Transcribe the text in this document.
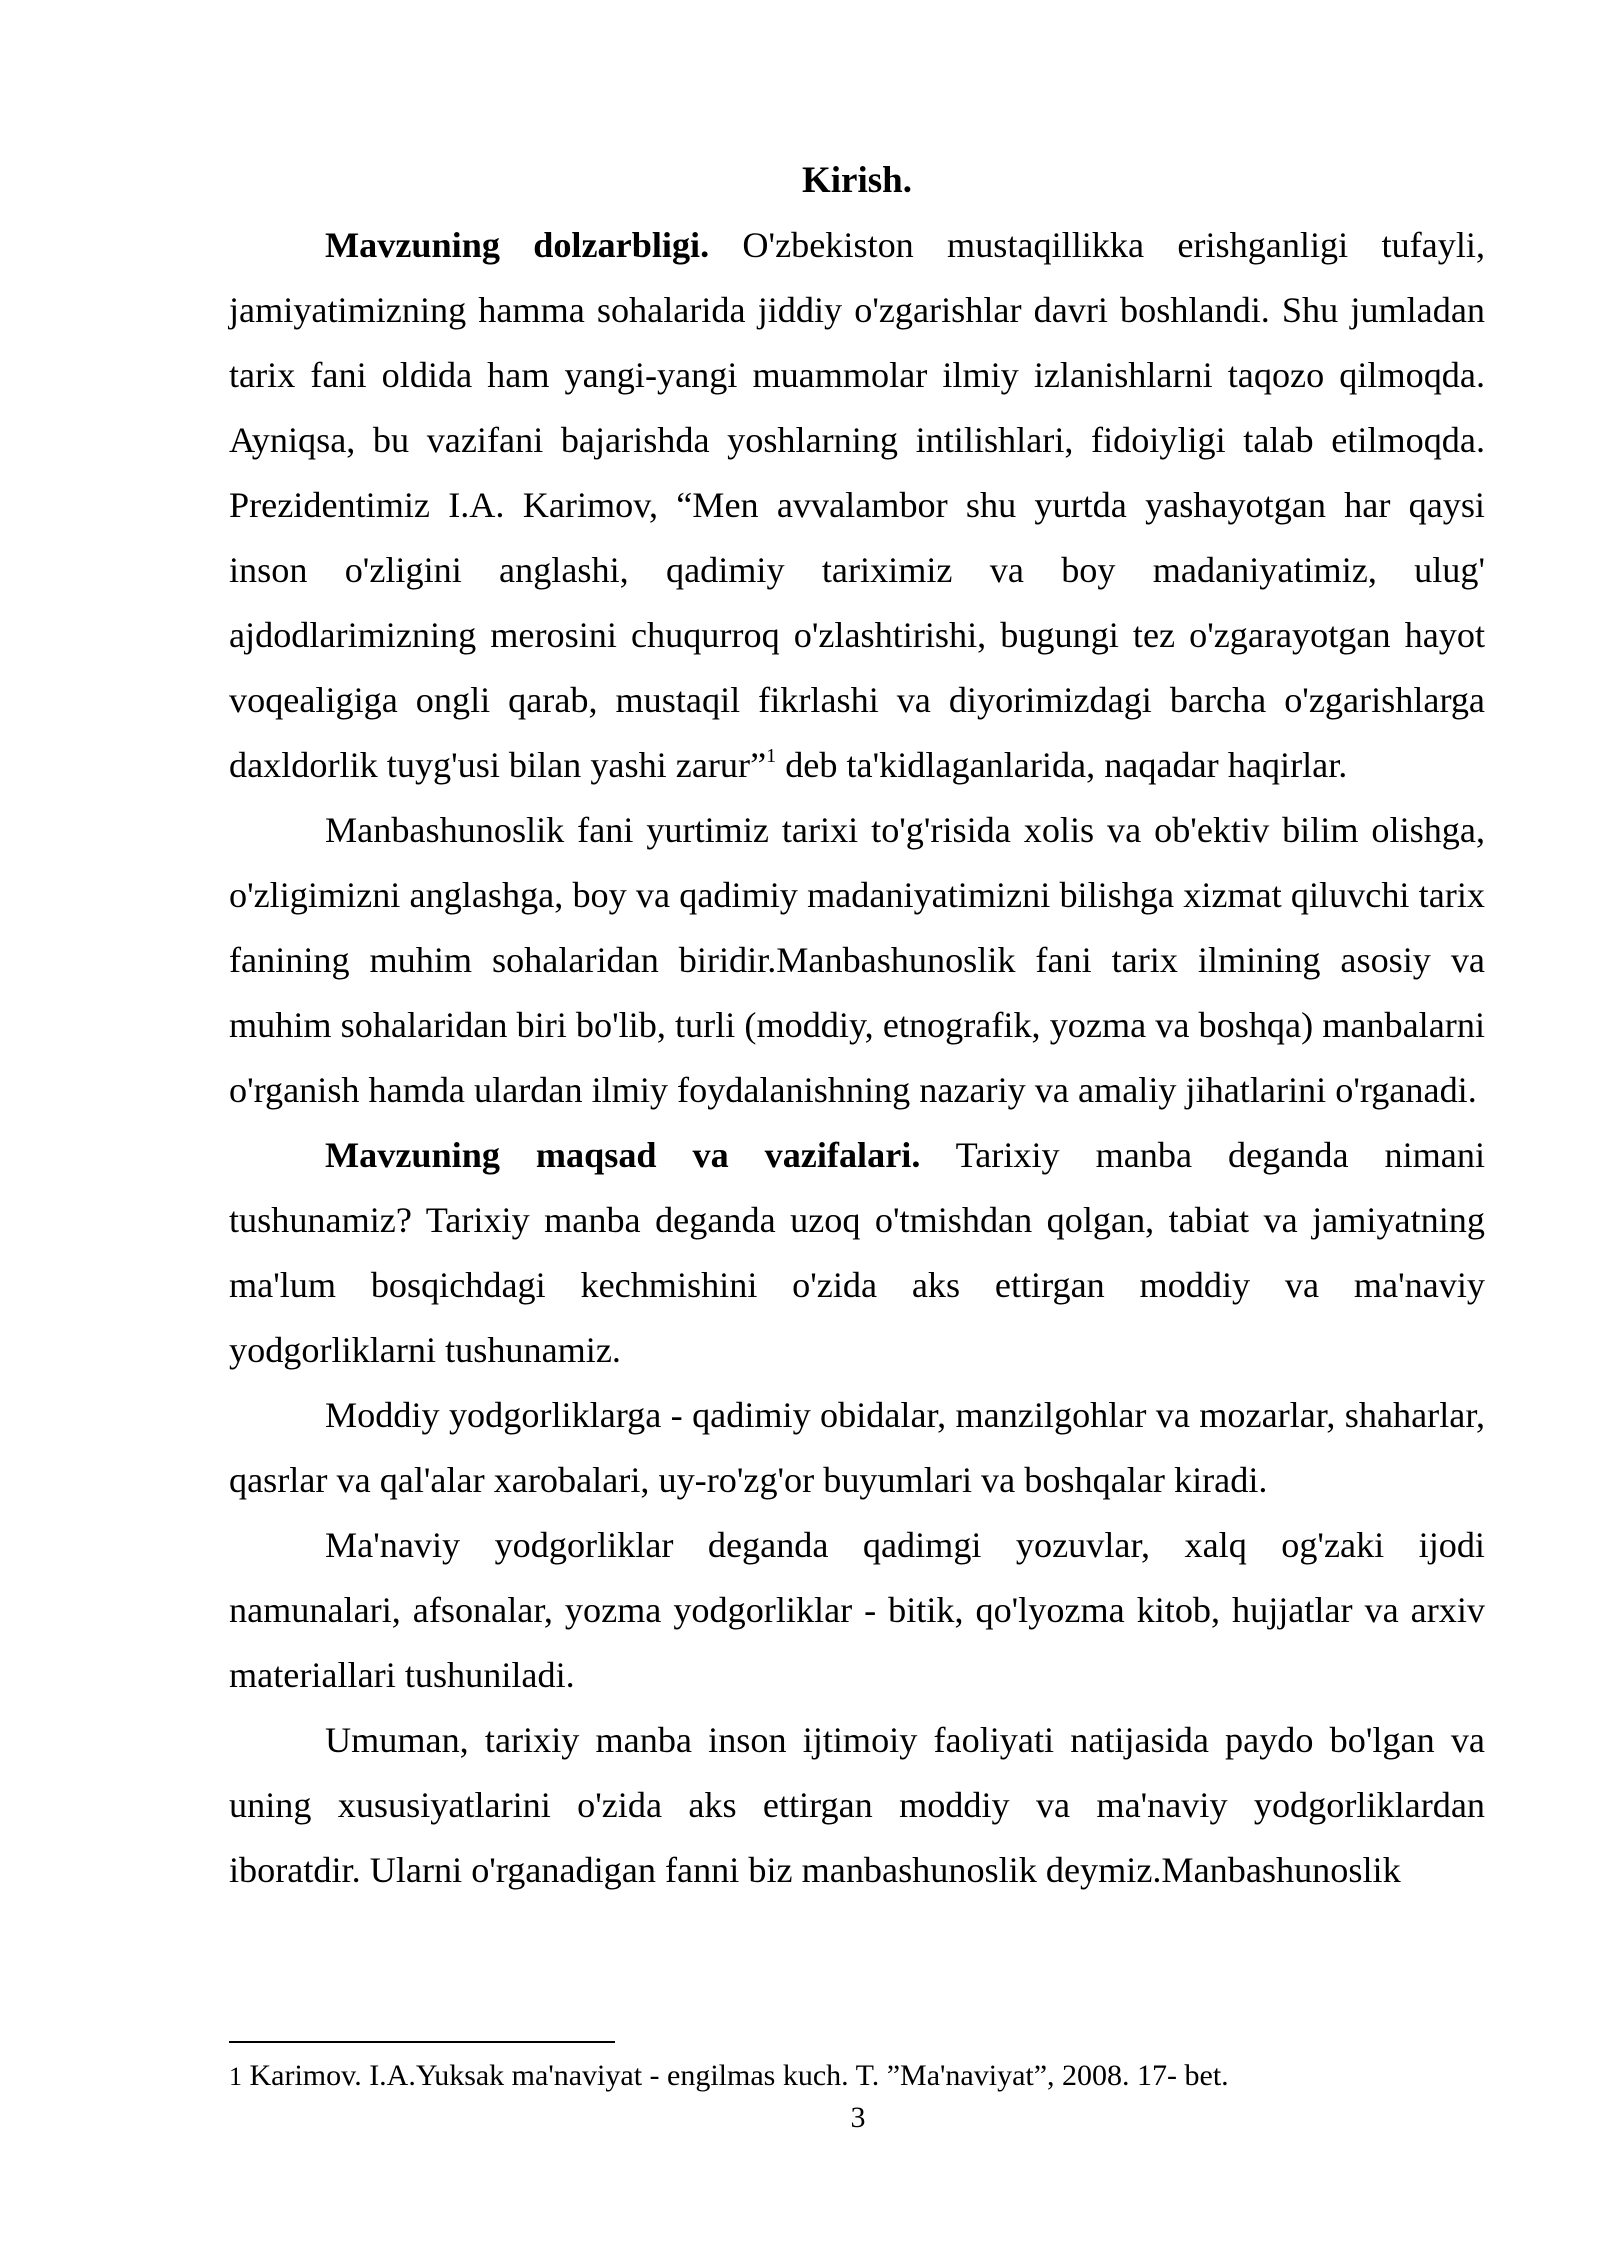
Kirish.

Mavzuning dolzarbligi. O'zbekiston mustaqillikka erishganligi tufayli, jamiyatimizning hamma sohalarida jiddiy o'zgarishlar davri boshlandi. Shu jumladan tarix fani oldida ham yangi-yangi muammolar ilmiy izlanishlarni taqozo qilmoqda. Ayniqsa, bu vazifani bajarishda yoshlarning intilishlari, fidoiyligi talab etilmoqda. Prezidentimiz I.A. Karimov, “Men avvalambor shu yurtda yashayotgan har qaysi inson o'zligini anglashi, qadimiy tariximiz va boy madaniyatimiz, ulug' ajdodlarimizning merosini chuqurroq o'zlashtirishi, bugungi tez o'zgarayotgan hayot voqealigiga ongli qarab, mustaqil fikrlashi va diyorimizdagi barcha o'zgarishlarga daxldorlik tuyg'usi bilan yashi zarur”$^1$ deb ta'kidlaganlarida, naqadar haqirlar.

Manbashunoslik fani yurtimiz tarixi to'g'risida xolis va ob'ektiv bilim olishga, o'zligimizni anglashga, boy va qadimiy madaniyatimizni bilishga xizmat qiluvchi tarix fanining muhim sohalaridan biridir.Manbashunoslik fani tarix ilmining asosiy va muhim sohalaridan biri bo'lib, turli (moddiy, etnografik, yozma va boshqa) manbalarni o'rganish hamda ulardan ilmiy foydalanishning nazariy va amaliy jihatlarini o'rganadi.

Mavzuning maqsad va vazifalari. Tarixiy manba deganda nimani tushunamiz? Tarixiy manba deganda uzoq o'tmishdan qolgan, tabiat va jamiyatning ma'lum bosqichdagi kechmishini o'zida aks ettirgan moddiy va ma'naviy yodgorliklarni tushunamiz.

Moddiy yodgorliklarga - qadimiy obidalar, manzilgohlar va mozarlar, shaharlar, qasrlar va qal'alar xarobalari, uy-ro'zg'or buyumlari va boshqalar kiradi.

Ma'naviy yodgorliklar deganda qadimgi yozuvlar, xalq og'zaki ijodi namunalari, afsonalar, yozma yodgorliklar - bitik, qo'lyozma kitob, hujjatlar va arxiv materiallari tushuniladi.

Umuman, tarixiy manba inson ijtimoiy faoliyati natijasida paydo bo'lgan va uning xususiyatlarini o'zida aks ettirgan moddiy va ma'naviy yodgorliklardan iboratdir. Ularni o'rganadigan fanni biz manbashunoslik deymiz.Manbashunoslik

1 Karimov. I.A.Yuksak ma'naviyat - engilmas kuch. T. ”Ma'naviyat”, 2008. 17- bet.

3
